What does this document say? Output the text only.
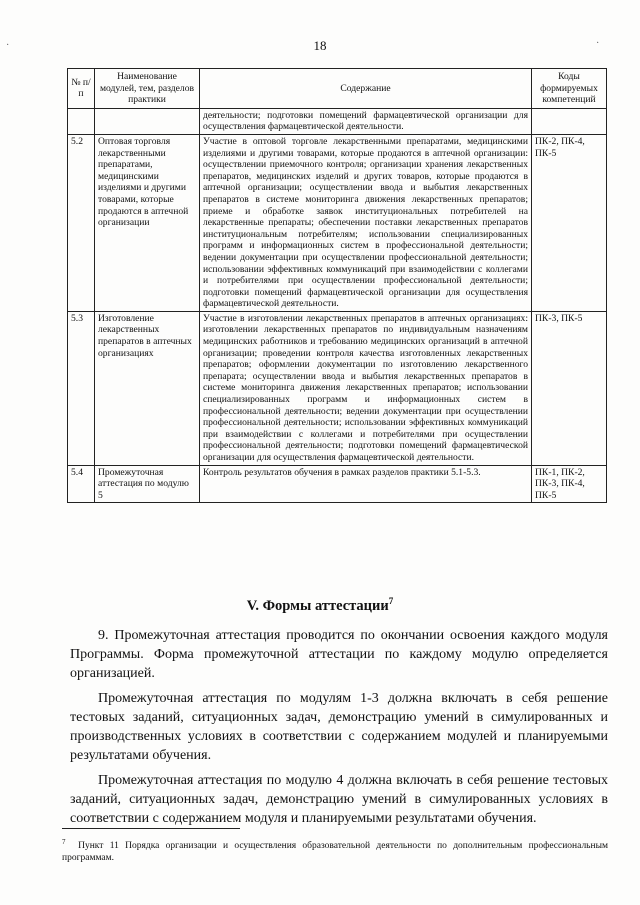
18
№ п/п	Наименование модулей, тем, разделов практики	Содержание	Коды формируемых компетенций
		деятельности; подготовки помещений фармацевтической организации для осуществления фармацевтической деятельности.	
5.2	Оптовая торговля лекарственными препаратами, медицинскими изделиями и другими товарами, которые продаются в аптечной организации	Участие в оптовой торговле лекарственными препаратами, медицинскими изделиями и другими товарами, которые продаются в аптечной организации: осуществлении приемочного контроля; организации хранения лекарственных препаратов, медицинских изделий и других товаров, которые продаются в аптечной организации; осуществлении ввода и выбытия лекарственных препаратов в системе мониторинга движения лекарственных препаратов; приеме и обработке заявок институциональных потребителей на лекарственные препараты; обеспечении поставки лекарственных препаратов институциональным потребителям; использовании специализированных программ и информационных систем в профессиональной деятельности; ведении документации при осуществлении профессиональной деятельности; использовании эффективных коммуникаций при взаимодействии с коллегами и потребителями при осуществлении профессиональной деятельности; подготовки помещений фармацевтической организации для осуществления фармацевтической деятельности.	ПК-2, ПК-4, ПК-5
5.3	Изготовление лекарственных препаратов в аптечных организациях	Участие в изготовлении лекарственных препаратов в аптечных организациях: изготовлении лекарственных препаратов по индивидуальным назначениям медицинских работников и требованию медицинских организаций в аптечной организации; проведении контроля качества изготовленных лекарственных препаратов; оформлении документации по изготовлению лекарственного препарата; осуществлении ввода и выбытия лекарственных препаратов в системе мониторинга движения лекарственных препаратов; использовании специализированных программ и информационных систем в профессиональной деятельности; ведении документации при осуществлении профессиональной деятельности; использовании эффективных коммуникаций при взаимодействии с коллегами и потребителями при осуществлении профессиональной деятельности; подготовки помещений фармацевтической организации для осуществления фармацевтической деятельности.	ПК-3, ПК-5
5.4	Промежуточная аттестация по модулю 5	Контроль результатов обучения в рамках разделов практики 5.1-5.3.	ПК-1, ПК-2, ПК-3, ПК-4, ПК-5
V. Формы аттестации$^7$

9. Промежуточная аттестация проводится по окончании освоения каждого модуля Программы. Форма промежуточной аттестации по каждому модулю определяется организацией.

Промежуточная аттестация по модулям 1-3 должна включать в себя решение тестовых заданий, ситуационных задач, демонстрацию умений в симулированных и производственных условиях в соответствии с содержанием модулей и планируемыми результатами обучения.

Промежуточная аттестация по модулю 4 должна включать в себя решение тестовых заданий, ситуационных задач, демонстрацию умений в симулированных условиях в соответствии с содержанием модуля и планируемыми результатами обучения.

$^7$ Пункт 11 Порядка организации и осуществления образовательной деятельности по дополнительным профессиональным программам.
·	·
